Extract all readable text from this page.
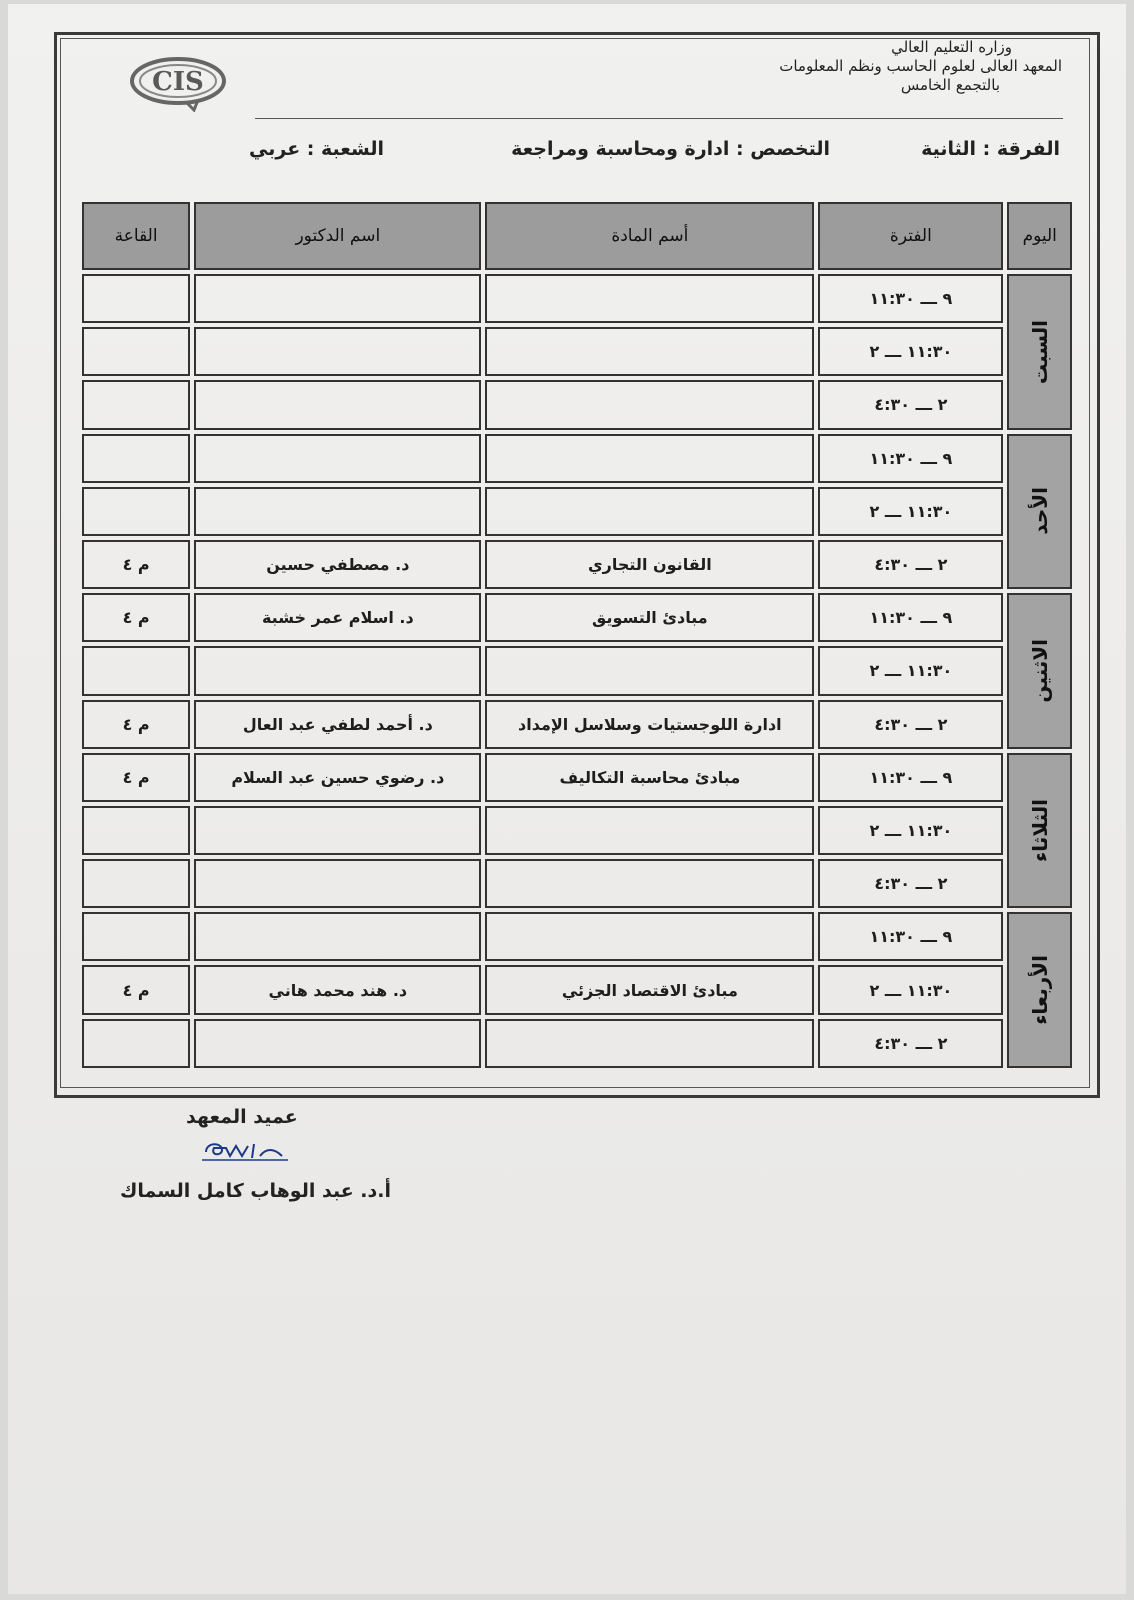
CIS
وزاره التعليم العالي
المعهد العالى لعلوم الحاسب ونظم المعلومات
بالتجمع الخامس
الفرقة : الثانية
التخصص : ادارة ومحاسبة ومراجعة
الشعبة : عربي
اليوم	الفترة	أسم المادة	اسم الدكتور	القاعة

السبت	٩ ـــ ١١:٣٠			
	١١:٣٠ ـــ ٢			
	٢ ـــ ٤:٣٠			

الأحد	٩ ـــ ١١:٣٠			
	١١:٣٠ ـــ ٢			
	٢ ـــ ٤:٣٠	القانون التجاري	د. مصطفي حسين	م ٤

الاثنين	٩ ـــ ١١:٣٠	مبادئ التسويق	د. اسلام عمر خشبة	م ٤
	١١:٣٠ ـــ ٢			
	٢ ـــ ٤:٣٠	ادارة اللوجستيات وسلاسل الإمداد	د. أحمد لطفي عبد العال	م ٤

الثلاثاء	٩ ـــ ١١:٣٠	مبادئ محاسبة التكاليف	د. رضوي حسين عبد السلام	م ٤
	١١:٣٠ ـــ ٢			
	٢ ـــ ٤:٣٠			

الأربعاء	٩ ـــ ١١:٣٠			
	١١:٣٠ ـــ ٢	مبادئ الاقتصاد الجزئي	د. هند محمد هاني	م ٤
	٢ ـــ ٤:٣٠			
عميد المعهد
أ.د. عبد الوهاب كامل السماك
